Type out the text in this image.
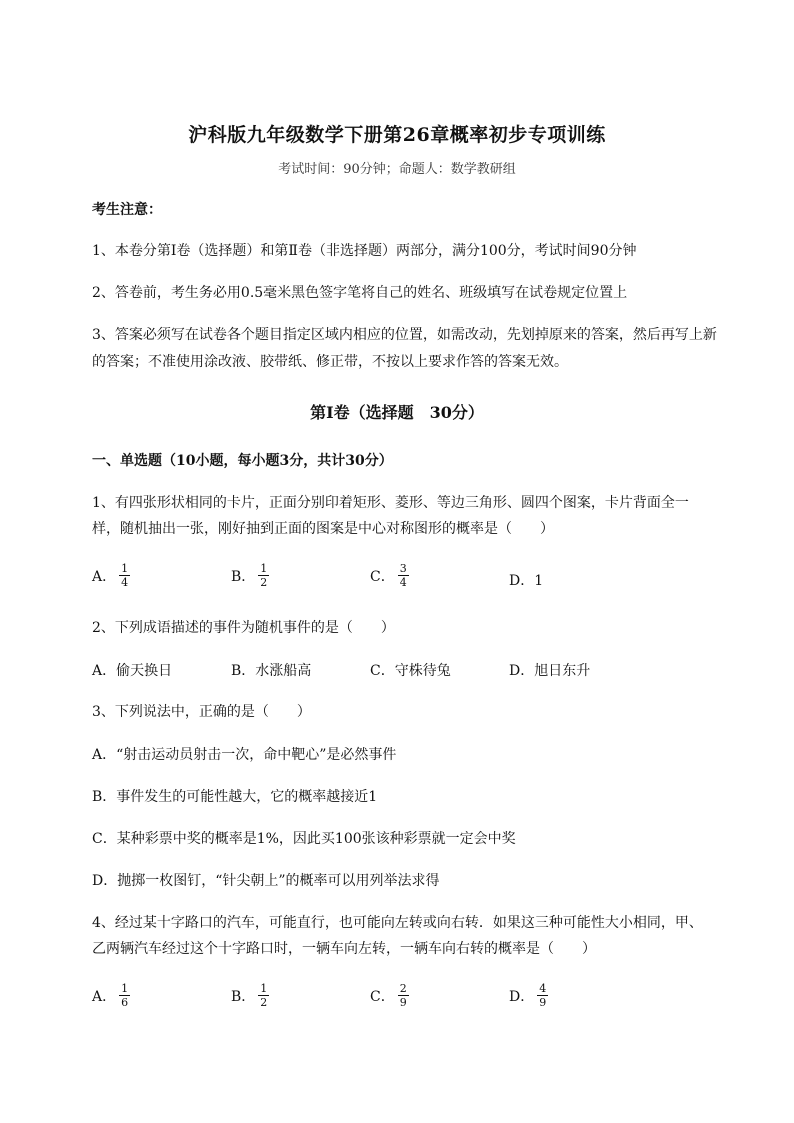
沪科版九年级数学下册第26章概率初步专项训练
考试时间：90分钟；命题人：数学教研组
考生注意：
1、本卷分第I卷（选择题）和第Ⅱ卷（非选择题）两部分，满分100分，考试时间90分钟
2、答卷前，考生务必用0.5毫米黑色签字笔将自己的姓名、班级填写在试卷规定位置上
3、答案必须写在试卷各个题目指定区域内相应的位置，如需改动，先划掉原来的答案，然后再写上新
的答案；不准使用涂改液、胶带纸、修正带，不按以上要求作答的答案无效。
第I卷（选择题　30分）
一、单选题（10小题，每小题3分，共计30分）
1、有四张形状相同的卡片，正面分别印着矩形、菱形、等边三角形、圆四个图案，卡片背面全一
样，随机抽出一张，刚好抽到正面的图案是中心对称图形的概率是（　　）
A． $\frac{1}{4}$	B． $\frac{1}{2}$	C． $\frac{3}{4}$	D．1
2、下列成语描述的事件为随机事件的是（　　）
A．偷天换日	B．水涨船高	C．守株待兔	D．旭日东升
3、下列说法中，正确的是（　　）
A．“射击运动员射击一次，命中靶心”是必然事件
B．事件发生的可能性越大，它的概率越接近1
C．某种彩票中奖的概率是1%，因此买100张该种彩票就一定会中奖
D．抛掷一枚图钉，“针尖朝上”的概率可以用列举法求得
4、经过某十字路口的汽车，可能直行，也可能向左转或向右转．如果这三种可能性大小相同，甲、
乙两辆汽车经过这个十字路口时，一辆车向左转，一辆车向右转的概率是（　　）
A． $\frac{1}{6}$	B． $\frac{1}{2}$	C． $\frac{2}{9}$	D． $\frac{4}{9}$
